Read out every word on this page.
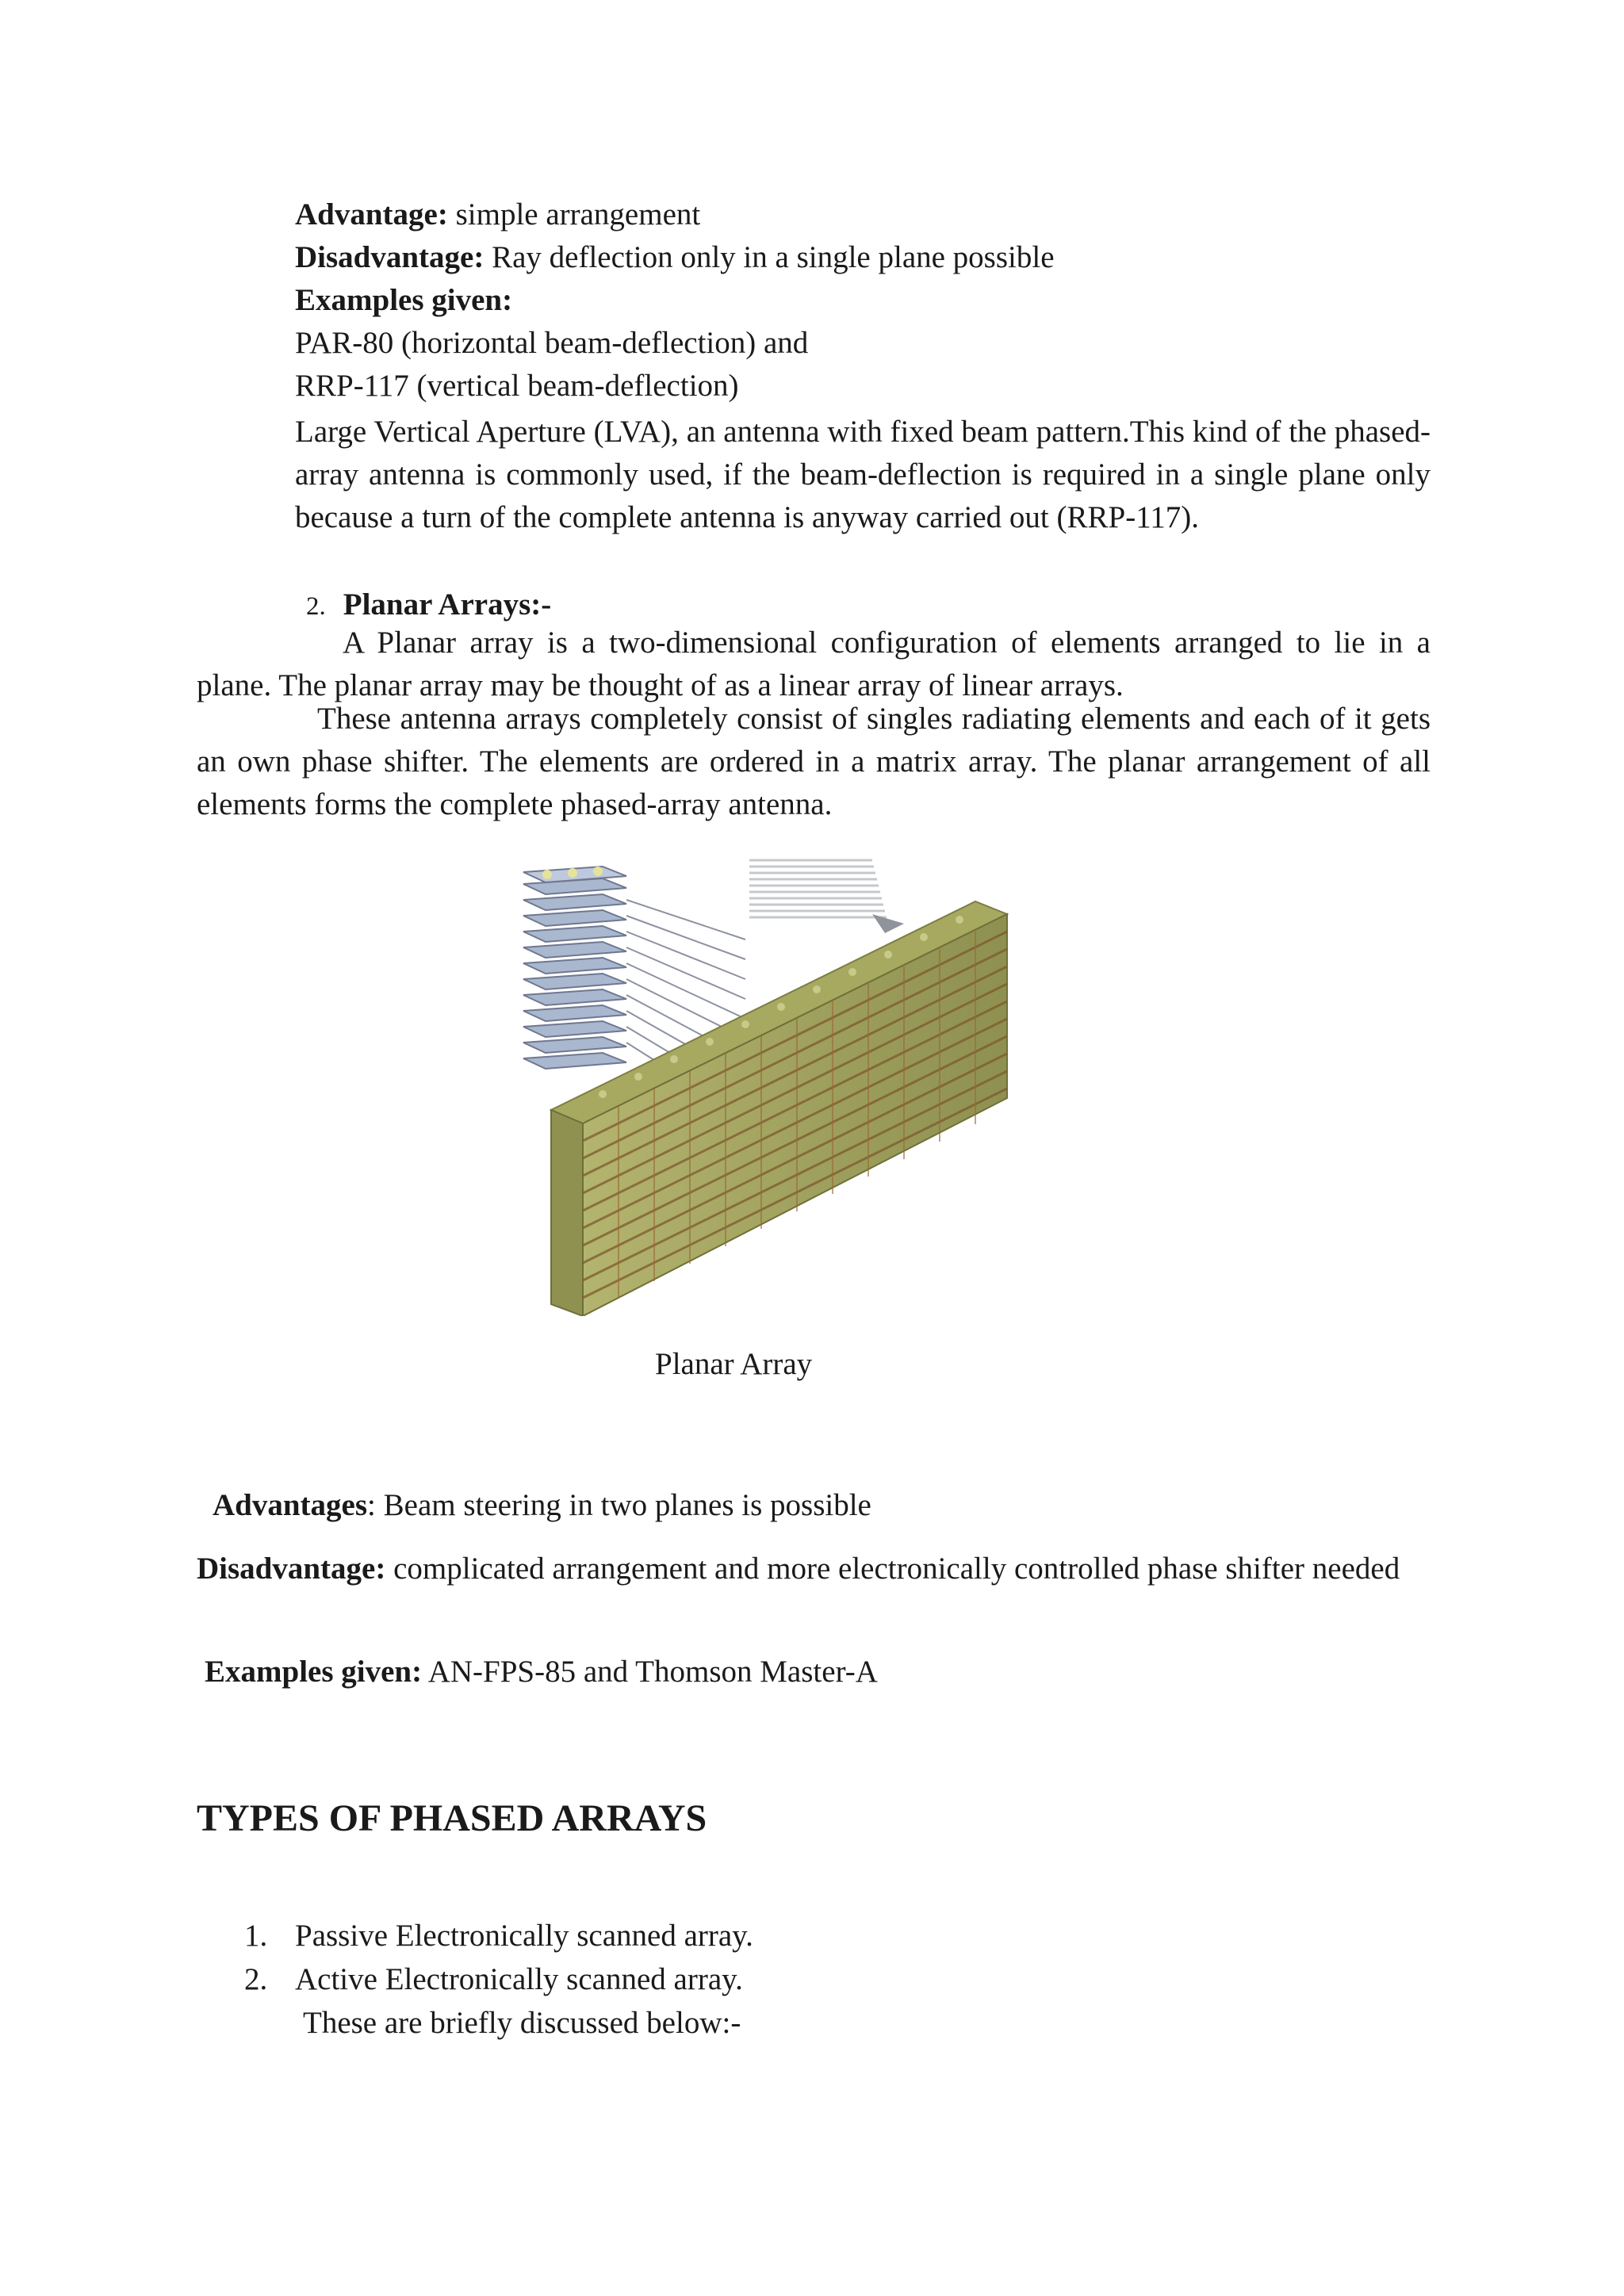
Advantage: simple arrangement
Disadvantage: Ray deflection only in a single plane possible
Examples given:
PAR-80 (horizontal beam-deflection) and
RRP-117 (vertical beam-deflection)
Large Vertical Aperture (LVA), an antenna with fixed beam pattern.This kind of the phased-array antenna is commonly used, if the beam-deflection is required in a single plane only because a turn of the complete antenna is anyway carried out (RRP-117).
2. Planar Arrays:-
A Planar array is a two-dimensional configuration of elements arranged to lie in a plane. The planar array may be thought of as a linear array of linear arrays.
These antenna arrays completely consist of singles radiating elements and each of it gets an own phase shifter. The elements are ordered in a matrix array. The planar arrangement of all elements forms the complete phased-array antenna.
Planar Array
Advantages: Beam steering in two planes is possible
Disadvantage: complicated arrangement and more electronically controlled phase shifter needed
Examples given: AN-FPS-85 and Thomson Master-A
TYPES OF PHASED ARRAYS
1. Passive Electronically scanned array.
2. Active Electronically scanned array.
These are briefly discussed below:-
